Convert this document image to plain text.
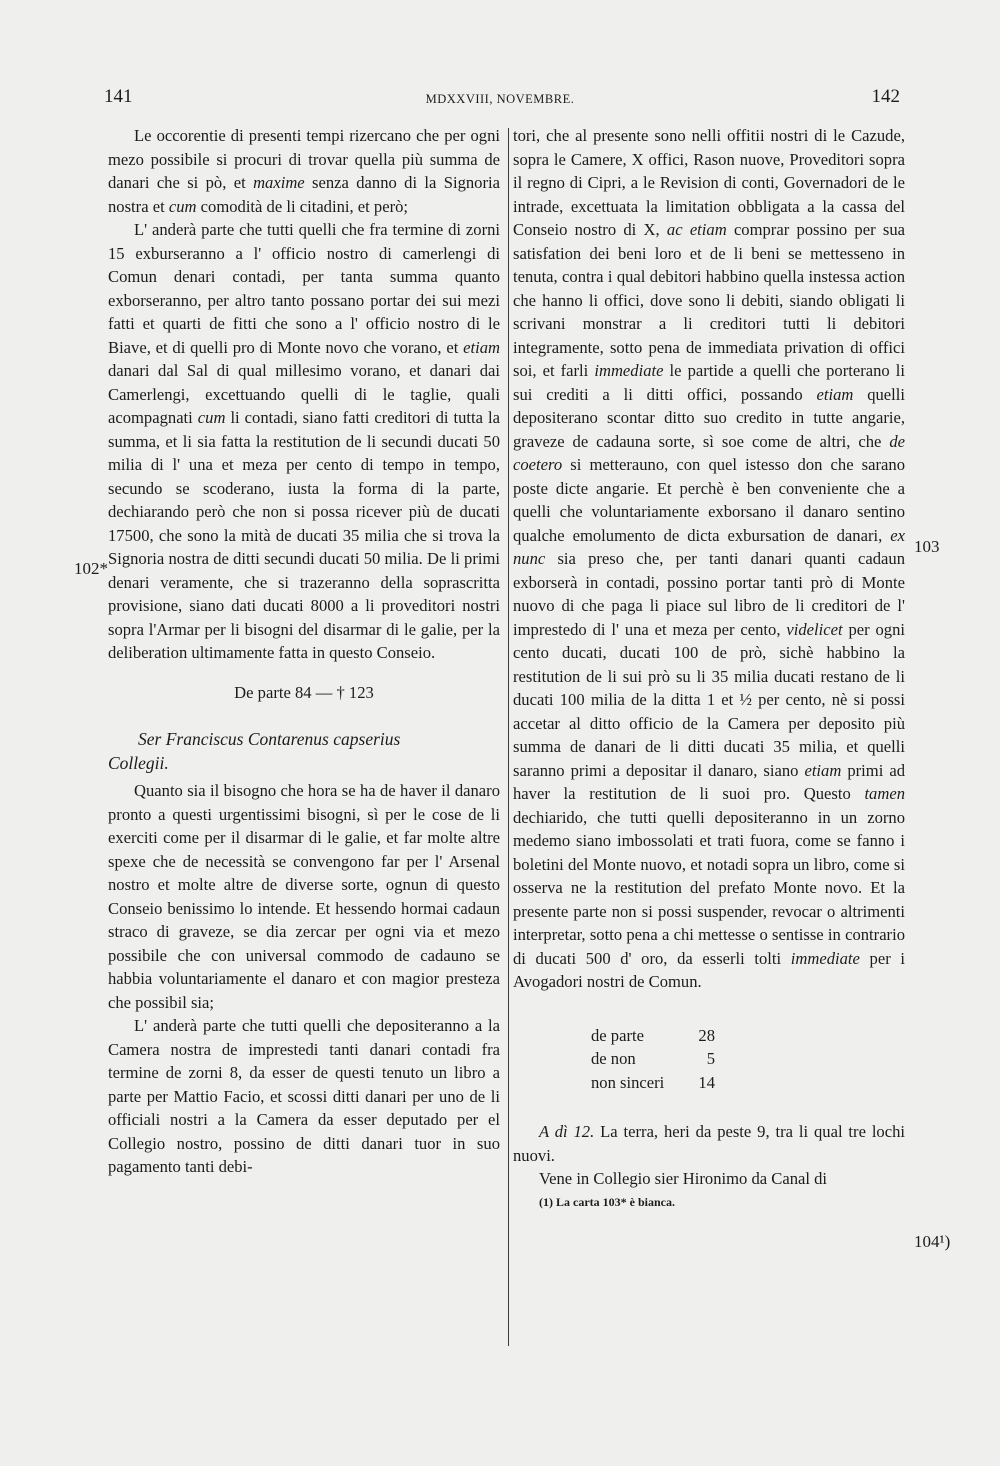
141	MDXXVIII, NOVEMBRE.	142
102*
103
104¹)

Le occorentie di presenti tempi rizercano che per ogni mezo possibile si procuri di trovar quella più summa de danari che si pò, et maxime senza danno di la Signoria nostra et cum comodità de li citadini, et però;

L' anderà parte che tutti quelli che fra termine di zorni 15 exburseranno a l' officio nostro di camerlengi di Comun denari contadi, per tanta summa quanto exborseranno, per altro tanto possano portar dei sui mezi fatti et quarti de fitti che sono a l' officio nostro di le Biave, et di quelli pro di Monte novo che vorano, et etiam danari dal Sal di qual millesimo vorano, et danari dai Camerlengi, excettuando quelli di le taglie, quali acompagnati cum li contadi, siano fatti creditori di tutta la summa, et li sia fatta la restitution de li secundi ducati 50 milia di l' una et meza per cento di tempo in tempo, secundo se scoderano, iusta la forma di la parte, dechiarando però che non si possa ricever più de ducati 17500, che sono la mità de ducati 35 milia che si trova la Signoria nostra de ditti secundi ducati 50 milia. De li primi denari veramente, che si trazeranno della soprascritta provisione, siano dati ducati 8000 a li proveditori nostri sopra l'Armar per li bisogni del disarmar di le galie, per la deliberation ultimamente fatta in questo Conseio.

De parte 84 — † 123

Ser Franciscus Contarenus capserius
Collegii.

Quanto sia il bisogno che hora se ha de haver il danaro pronto a questi urgentissimi bisogni, sì per le cose de li exerciti come per il disarmar di le galie, et far molte altre spexe che de necessità se convengono far per l' Arsenal nostro et molte altre de diverse sorte, ognun di questo Conseio benissimo lo intende. Et hessendo hormai cadaun straco di graveze, se dia zercar per ogni via et mezo possibile che con universal commodo de cadauno se habbia voluntariamente el danaro et con magior presteza che possibil sia;

L' anderà parte che tutti quelli che depositeranno a la Camera nostra de imprestedi tanti danari contadi fra termine de zorni 8, da esser de questi tenuto un libro a parte per Mattio Facio, et scossi ditti danari per uno de li officiali nostri a la Camera da esser deputado per el Collegio nostro, possino de ditti danari tuor in suo pagamento tanti debi-

tori, che al presente sono nelli offitii nostri di le Cazude, sopra le Camere, X offici, Rason nuove, Proveditori sopra il regno di Cipri, a le Revision di conti, Governadori de le intrade, excettuata la limitation obbligata a la cassa del Conseio nostro di X, ac etiam comprar possino per sua satisfation dei beni loro et de li beni se mettesseno in tenuta, contra i qual debitori habbino quella instessa action che hanno li offici, dove sono li debiti, siando obligati li scrivani monstrar a li creditori tutti li debitori integramente, sotto pena de immediata privation di offici soi, et farli immediate le partide a quelli che porterano li sui crediti a li ditti offici, possando etiam quelli depositerano scontar ditto suo credito in tutte angarie, graveze de cadauna sorte, sì soe come de altri, che de coetero si metterauno, con quel istesso don che sarano poste dicte angarie. Et perchè è ben conveniente che a quelli che voluntariamente exborsano il danaro sentino qualche emolumento de dicta exbursation de danari, ex nunc sia preso che, per tanti danari quanti cadaun exborserà in contadi, possino portar tanti prò di Monte nuovo di che paga li piace sul libro de li creditori de l' imprestedo di l' una et meza per cento, videlicet per ogni cento ducati, ducati 100 de prò, sichè habbino la restitution de li sui prò su li 35 milia ducati restano de li ducati 100 milia de la ditta 1 et ½ per cento, nè si possi accetar al ditto officio de la Camera per deposito più summa de danari de li ditti ducati 35 milia, et quelli saranno primi a depositar il danaro, siano etiam primi ad haver la restitution de li suoi pro. Questo tamen dechiarido, che tutti quelli depositeranno in un zorno medemo siano imbossolati et trati fuora, come se fanno i boletini del Monte nuovo, et notadi sopra un libro, come si osserva ne la restitution del prefato Monte novo. Et la presente parte non si possi suspender, revocar o altrimenti interpretar, sotto pena a chi mettesse o sentisse in contrario di ducati 500 d' oro, da esserli tolti immediate per i Avogadori nostri de Comun.

de parte	28
de non	5
non sinceri	14

A dì 12. La terra, heri da peste 9, tra li qual tre lochi nuovi.

Vene in Collegio sier Hironimo da Canal di

(1) La carta 103* è bianca.
